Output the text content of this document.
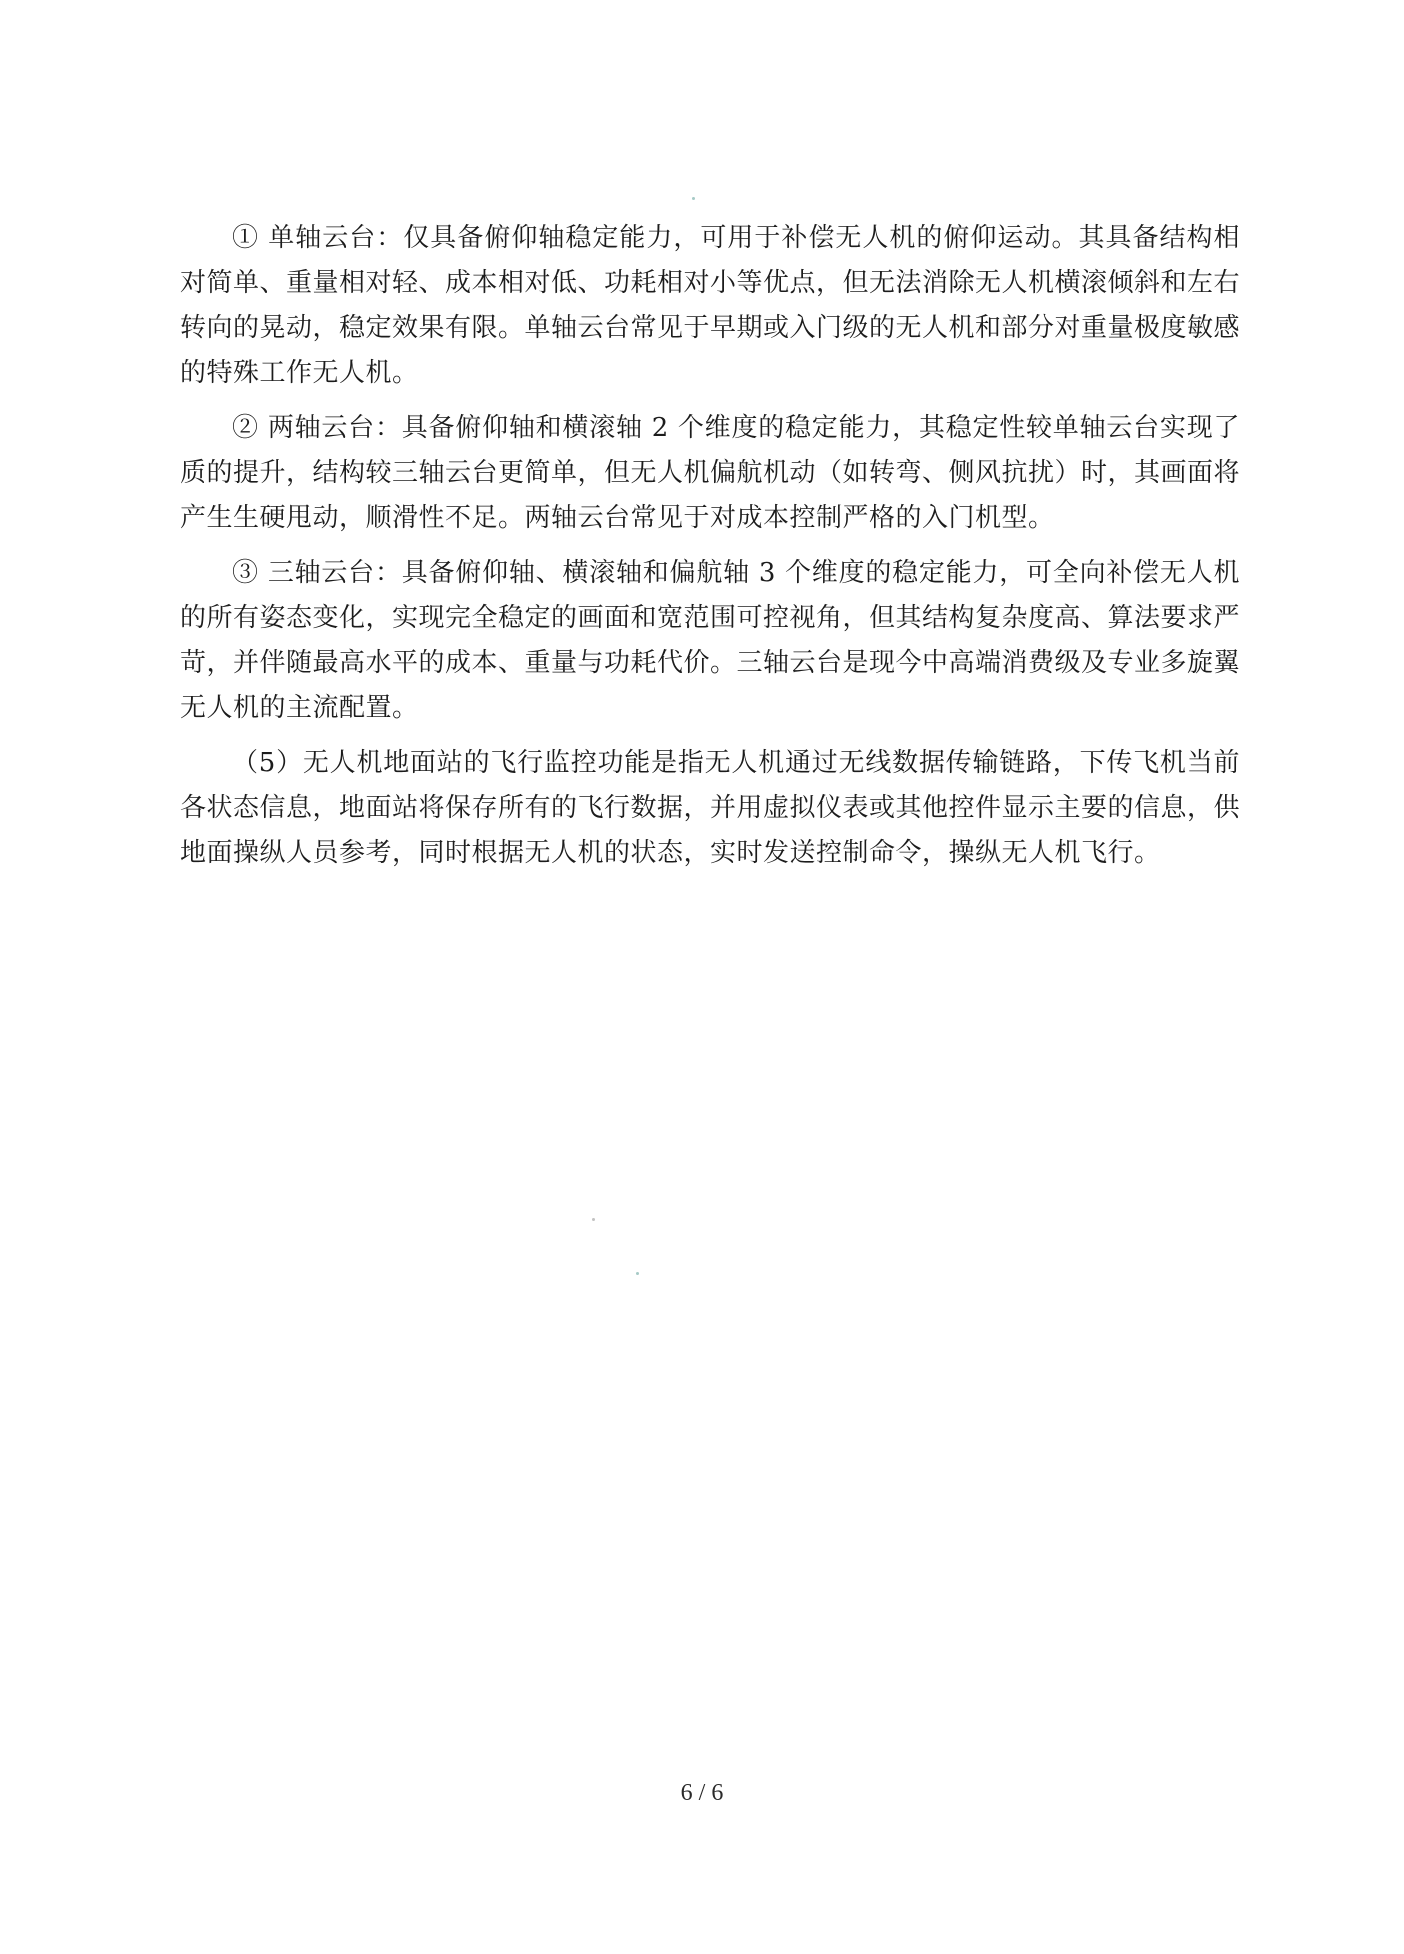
① 单轴云台：仅具备俯仰轴稳定能力，可用于补偿无人机的俯仰运动。其具备结构相对简单、重量相对轻、成本相对低、功耗相对小等优点，但无法消除无人机横滚倾斜和左右转向的晃动，稳定效果有限。单轴云台常见于早期或入门级的无人机和部分对重量极度敏感的特殊工作无人机。

② 两轴云台：具备俯仰轴和横滚轴 2 个维度的稳定能力，其稳定性较单轴云台实现了质的提升，结构较三轴云台更简单，但无人机偏航机动（如转弯、侧风抗扰）时，其画面将产生生硬甩动，顺滑性不足。两轴云台常见于对成本控制严格的入门机型。

③ 三轴云台：具备俯仰轴、横滚轴和偏航轴 3 个维度的稳定能力，可全向补偿无人机的所有姿态变化，实现完全稳定的画面和宽范围可控视角，但其结构复杂度高、算法要求严苛，并伴随最高水平的成本、重量与功耗代价。三轴云台是现今中高端消费级及专业多旋翼无人机的主流配置。

（5）无人机地面站的飞行监控功能是指无人机通过无线数据传输链路，下传飞机当前各状态信息，地面站将保存所有的飞行数据，并用虚拟仪表或其他控件显示主要的信息，供地面操纵人员参考，同时根据无人机的状态，实时发送控制命令，操纵无人机飞行。

6 / 6
